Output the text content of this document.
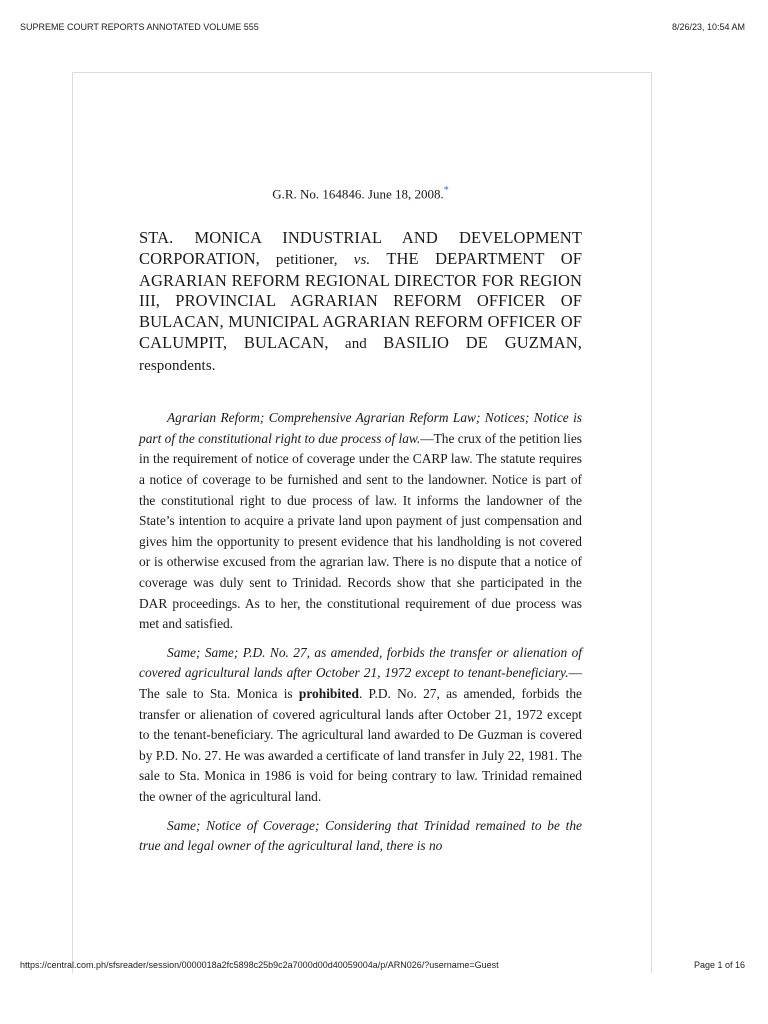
SUPREME COURT REPORTS ANNOTATED VOLUME 555	8/26/23, 10:54 AM

G.R. No. 164846. June 18, 2008.*

STA. MONICA INDUSTRIAL AND DEVELOPMENT CORPORATION, petitioner, vs. THE DEPARTMENT OF AGRARIAN REFORM REGIONAL DIRECTOR FOR REGION III, PROVINCIAL AGRARIAN REFORM OFFICER OF BULACAN, MUNICIPAL AGRARIAN REFORM OFFICER OF CALUMPIT, BULACAN, and BASILIO DE GUZMAN, respondents.

Agrarian Reform; Comprehensive Agrarian Reform Law; Notices; Notice is part of the constitutional right to due process of law.—The crux of the petition lies in the requirement of notice of coverage under the CARP law. The statute requires a notice of coverage to be furnished and sent to the landowner. Notice is part of the constitutional right to due process of law. It informs the landowner of the State’s intention to acquire a private land upon payment of just compensation and gives him the opportunity to present evidence that his landholding is not covered or is otherwise excused from the agrarian law. There is no dispute that a notice of coverage was duly sent to Trinidad. Records show that she participated in the DAR proceedings. As to her, the constitutional requirement of due process was met and satisfied.

Same; Same; P.D. No. 27, as amended, forbids the transfer or alienation of covered agricultural lands after October 21, 1972 except to tenant-beneficiary.—The sale to Sta. Monica is prohibited. P.D. No. 27, as amended, forbids the transfer or alienation of covered agricultural lands after October 21, 1972 except to the tenant-beneficiary. The agricultural land awarded to De Guzman is covered by P.D. No. 27. He was awarded a certificate of land transfer in July 22, 1981. The sale to Sta. Monica in 1986 is void for being contrary to law. Trinidad remained the owner of the agricultural land.

Same; Notice of Coverage; Considering that Trinidad remained to be the true and legal owner of the agricultural land, there is no

https://central.com.ph/sfsreader/session/0000018a2fc5898c25b9c2a7000d00d40059004a/p/ARN026/?username=Guest	Page 1 of 16
